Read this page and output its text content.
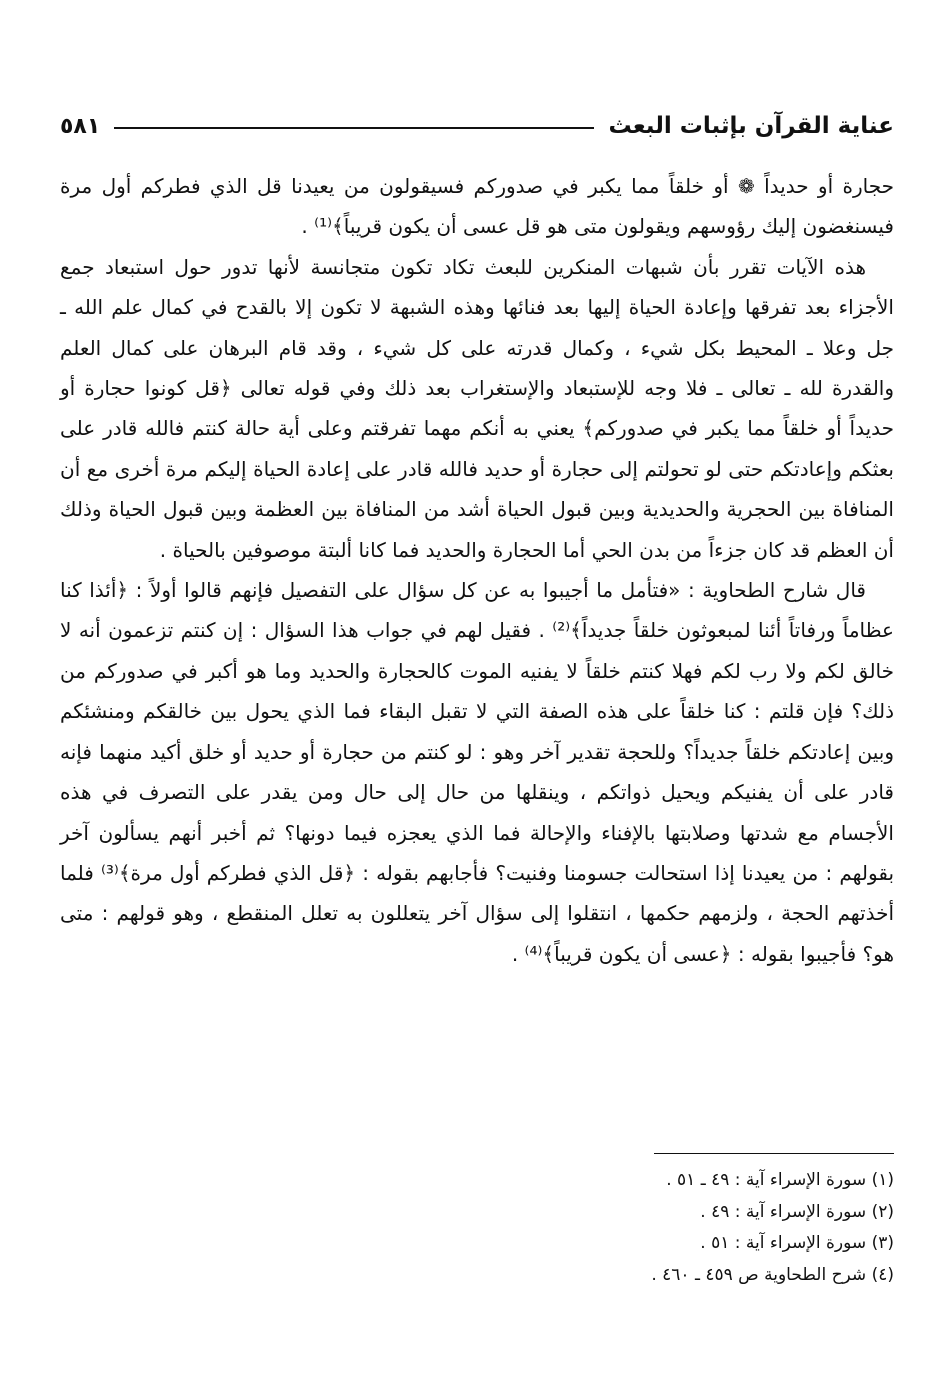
عناية القرآن بإثبات البعث
٥٨١

حجارة أو حديداً ❁ أو خلقاً مما يكبر في صدوركم فسيقولون من يعيدنا قل الذي فطركم أول مرة فيسنغضون إليك رؤوسهم ويقولون متى هو قل عسى أن يكون قريباً﴾⁽¹⁾ .

هذه الآيات تقرر بأن شبهات المنكرين للبعث تكاد تكون متجانسة لأنها تدور حول استبعاد جمع الأجزاء بعد تفرقها وإعادة الحياة إليها بعد فنائها وهذه الشبهة لا تكون إلا بالقدح في كمال علم الله ـ جل وعلا ـ المحيط بكل شيء ، وكمال قدرته على كل شيء ، وقد قام البرهان على كمال العلم والقدرة لله ـ تعالى ـ فلا وجه للإستبعاد والإستغراب بعد ذلك وفي قوله تعالى ﴿قل كونوا حجارة أو حديداً أو خلقاً مما يكبر في صدوركم﴾ يعني به أنكم مهما تفرقتم وعلى أية حالة كنتم فالله قادر على بعثكم وإعادتكم حتى لو تحولتم إلى حجارة أو حديد فالله قادر على إعادة الحياة إليكم مرة أخرى مع أن المنافاة بين الحجرية والحديدية وبين قبول الحياة أشد من المنافاة بين العظمة وبين قبول الحياة وذلك أن العظم قد كان جزءاً من بدن الحي أما الحجارة والحديد فما كانا ألبتة موصوفين بالحياة .

قال شارح الطحاوية : «فتأمل ما أجيبوا به عن كل سؤال على التفصيل فإنهم قالوا أولاً : ﴿أئذا كنا عظاماً ورفاتاً أئنا لمبعوثون خلقاً جديداً﴾⁽²⁾ . فقيل لهم في جواب هذا السؤال : إن كنتم تزعمون أنه لا خالق لكم ولا رب لكم فهلا كنتم خلقاً لا يفنيه الموت كالحجارة والحديد وما هو أكبر في صدوركم من ذلك؟ فإن قلتم : كنا خلقاً على هذه الصفة التي لا تقبل البقاء فما الذي يحول بين خالقكم ومنشئكم وبين إعادتكم خلقاً جديداً؟ وللحجة تقدير آخر وهو : لو كنتم من حجارة أو حديد أو خلق أكيد منهما فإنه قادر على أن يفنيكم ويحيل ذواتكم ، وينقلها من حال إلى حال ومن يقدر على التصرف في هذه الأجسام مع شدتها وصلابتها بالإفناء والإحالة فما الذي يعجزه فيما دونها؟ ثم أخبر أنهم يسألون آخر بقولهم : من يعيدنا إذا استحالت جسومنا وفنيت؟ فأجابهم بقوله : ﴿قل الذي فطركم أول مرة﴾⁽³⁾ فلما أخذتهم الحجة ، ولزمهم حكمها ، انتقلوا إلى سؤال آخر يتعللون به تعلل المنقطع ، وهو قولهم : متى هو؟ فأجيبوا بقوله : ﴿عسى أن يكون قريباً﴾⁽⁴⁾ .

(١) سورة الإسراء آية : ٤٩ ـ ٥١ .
(٢) سورة الإسراء آية : ٤٩ .
(٣) سورة الإسراء آية : ٥١ .
(٤) شرح الطحاوية ص ٤٥٩ ـ ٤٦٠ .
